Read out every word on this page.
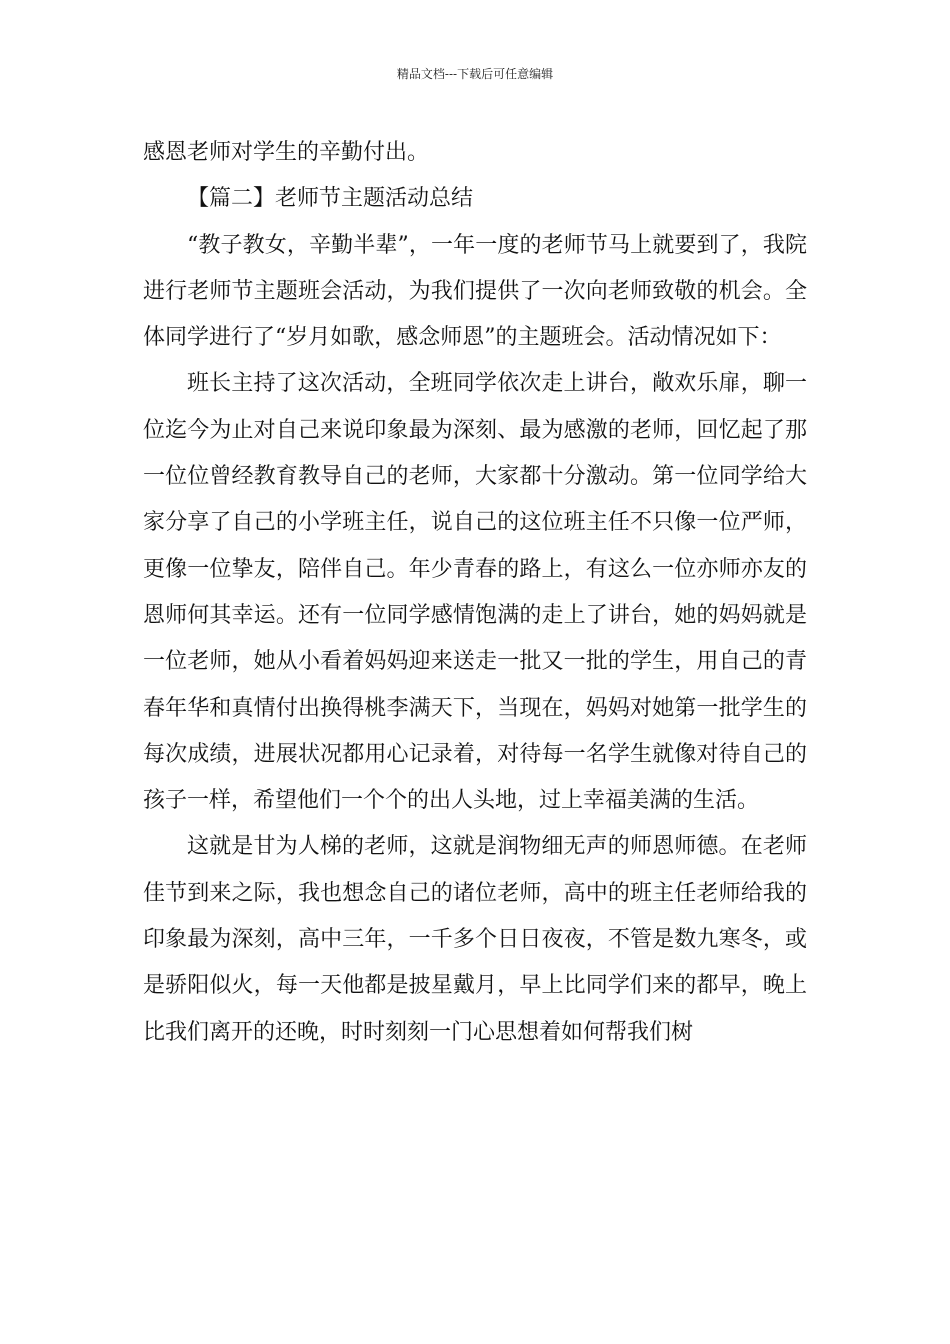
精品文档---下载后可任意编辑

感恩老师对学生的辛勤付出。

【篇二】老师节主题活动总结

“教子教女，辛勤半辈”，一年一度的老师节马上就要到了，我院进行老师节主题班会活动，为我们提供了一次向老师致敬的机会。全体同学进行了“岁月如歌，感念师恩”的主题班会。活动情况如下：

班长主持了这次活动，全班同学依次走上讲台，敞欢乐扉，聊一位迄今为止对自己来说印象最为深刻、最为感激的老师，回忆起了那一位位曾经教育教导自己的老师，大家都十分激动。第一位同学给大家分享了自己的小学班主任，说自己的这位班主任不只像一位严师，更像一位挚友，陪伴自己。年少青春的路上，有这么一位亦师亦友的恩师何其幸运。还有一位同学感情饱满的走上了讲台，她的妈妈就是一位老师，她从小看着妈妈迎来送走一批又一批的学生，用自己的青春年华和真情付出换得桃李满天下，当现在，妈妈对她第一批学生的每次成绩，进展状况都用心记录着，对待每一名学生就像对待自己的孩子一样，希望他们一个个的出人头地，过上幸福美满的生活。

这就是甘为人梯的老师，这就是润物细无声的师恩师德。在老师佳节到来之际，我也想念自己的诸位老师，高中的班主任老师给我的印象最为深刻，高中三年，一千多个日日夜夜，不管是数九寒冬，或是骄阳似火，每一天他都是披星戴月，早上比同学们来的都早，晚上比我们离开的还晚，时时刻刻一门心思想着如何帮我们树
